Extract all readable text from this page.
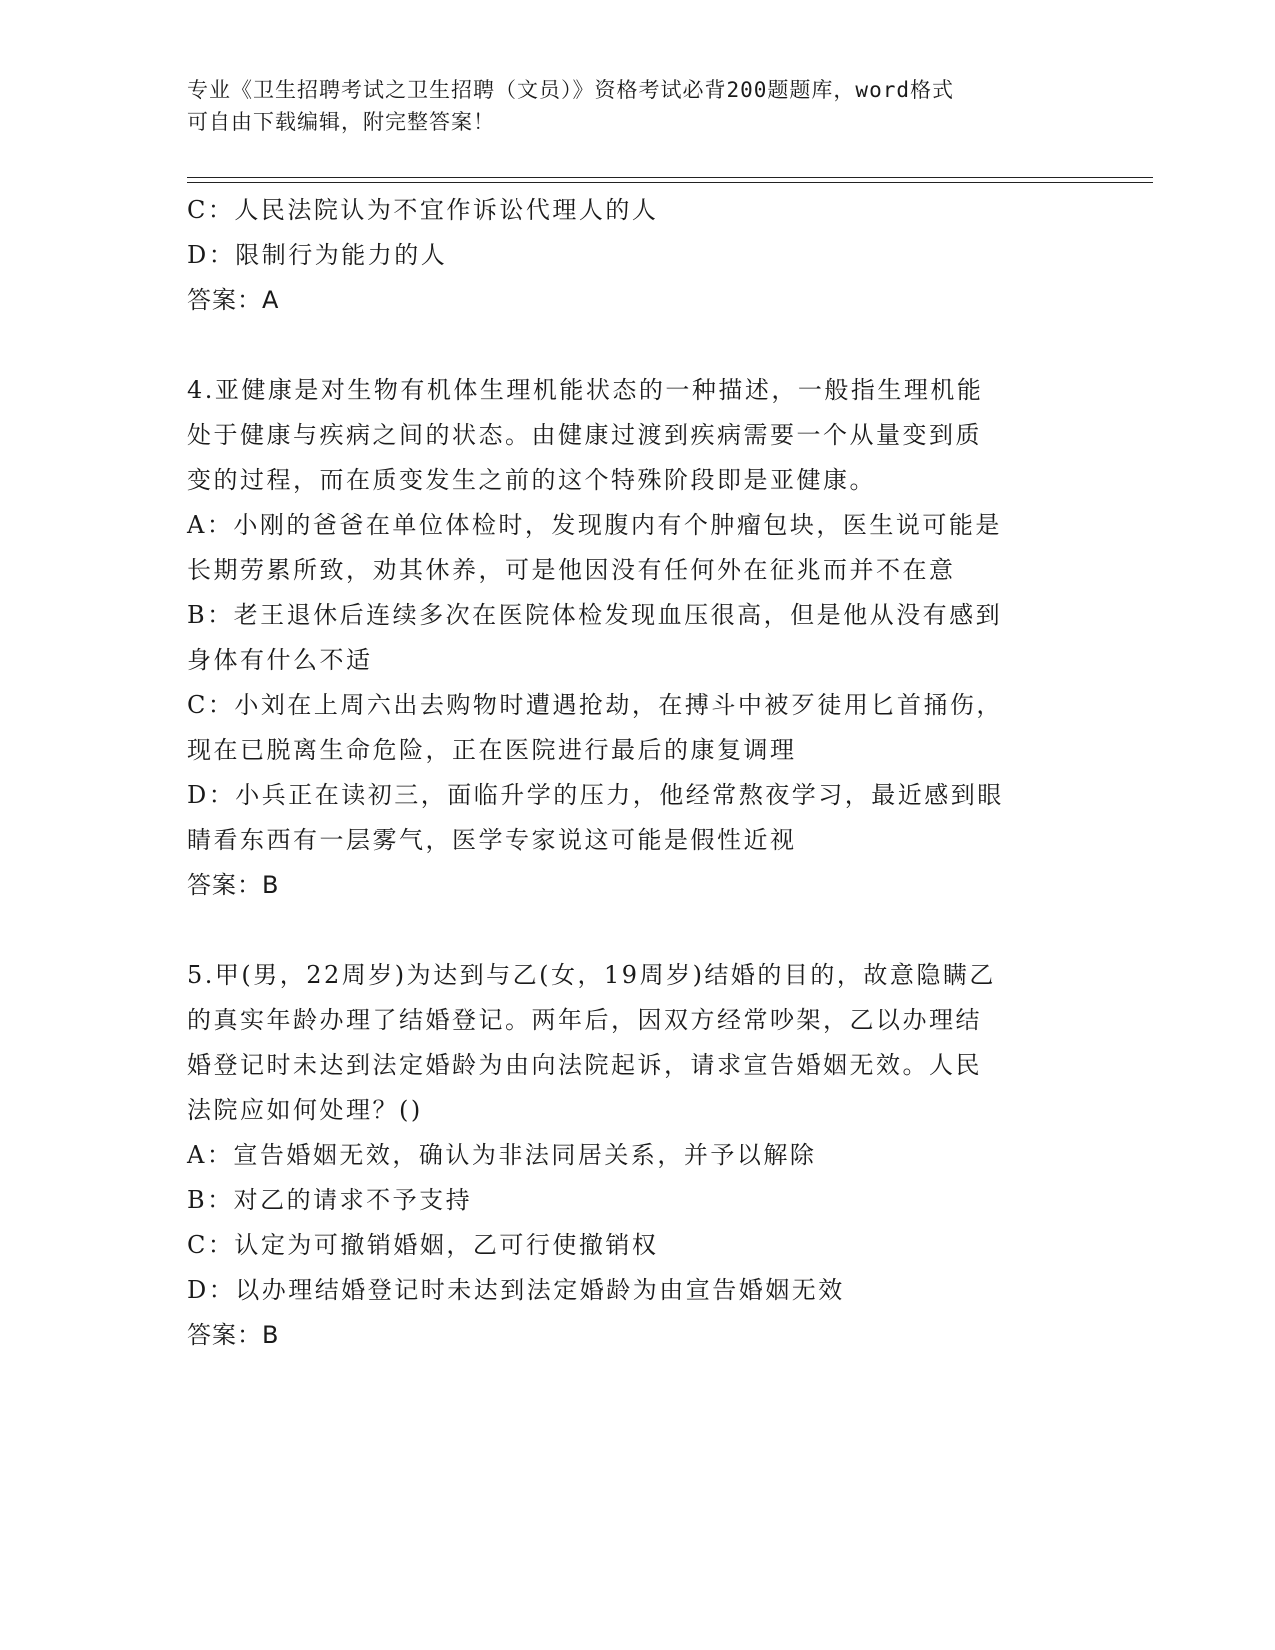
专业《卫生招聘考试之卫生招聘（文员）》资格考试必背200题题库，word格式
可自由下载编辑，附完整答案！
C：人民法院认为不宜作诉讼代理人的人
D：限制行为能力的人
答案：A
4.亚健康是对生物有机体生理机能状态的一种描述，一般指生理机能
处于健康与疾病之间的状态。由健康过渡到疾病需要一个从量变到质
变的过程，而在质变发生之前的这个特殊阶段即是亚健康。
A：小刚的爸爸在单位体检时，发现腹内有个肿瘤包块，医生说可能是
长期劳累所致，劝其休养，可是他因没有任何外在征兆而并不在意
B：老王退休后连续多次在医院体检发现血压很高，但是他从没有感到
身体有什么不适
C：小刘在上周六出去购物时遭遇抢劫，在搏斗中被歹徒用匕首捅伤，
现在已脱离生命危险，正在医院进行最后的康复调理
D：小兵正在读初三，面临升学的压力，他经常熬夜学习，最近感到眼
睛看东西有一层雾气，医学专家说这可能是假性近视
答案：B
5.甲(男，22周岁)为达到与乙(女，19周岁)结婚的目的，故意隐瞒乙
的真实年龄办理了结婚登记。两年后，因双方经常吵架，乙以办理结
婚登记时未达到法定婚龄为由向法院起诉，请求宣告婚姻无效。人民
法院应如何处理？()
A：宣告婚姻无效，确认为非法同居关系，并予以解除
B：对乙的请求不予支持
C：认定为可撤销婚姻，乙可行使撤销权
D：以办理结婚登记时未达到法定婚龄为由宣告婚姻无效
答案：B
